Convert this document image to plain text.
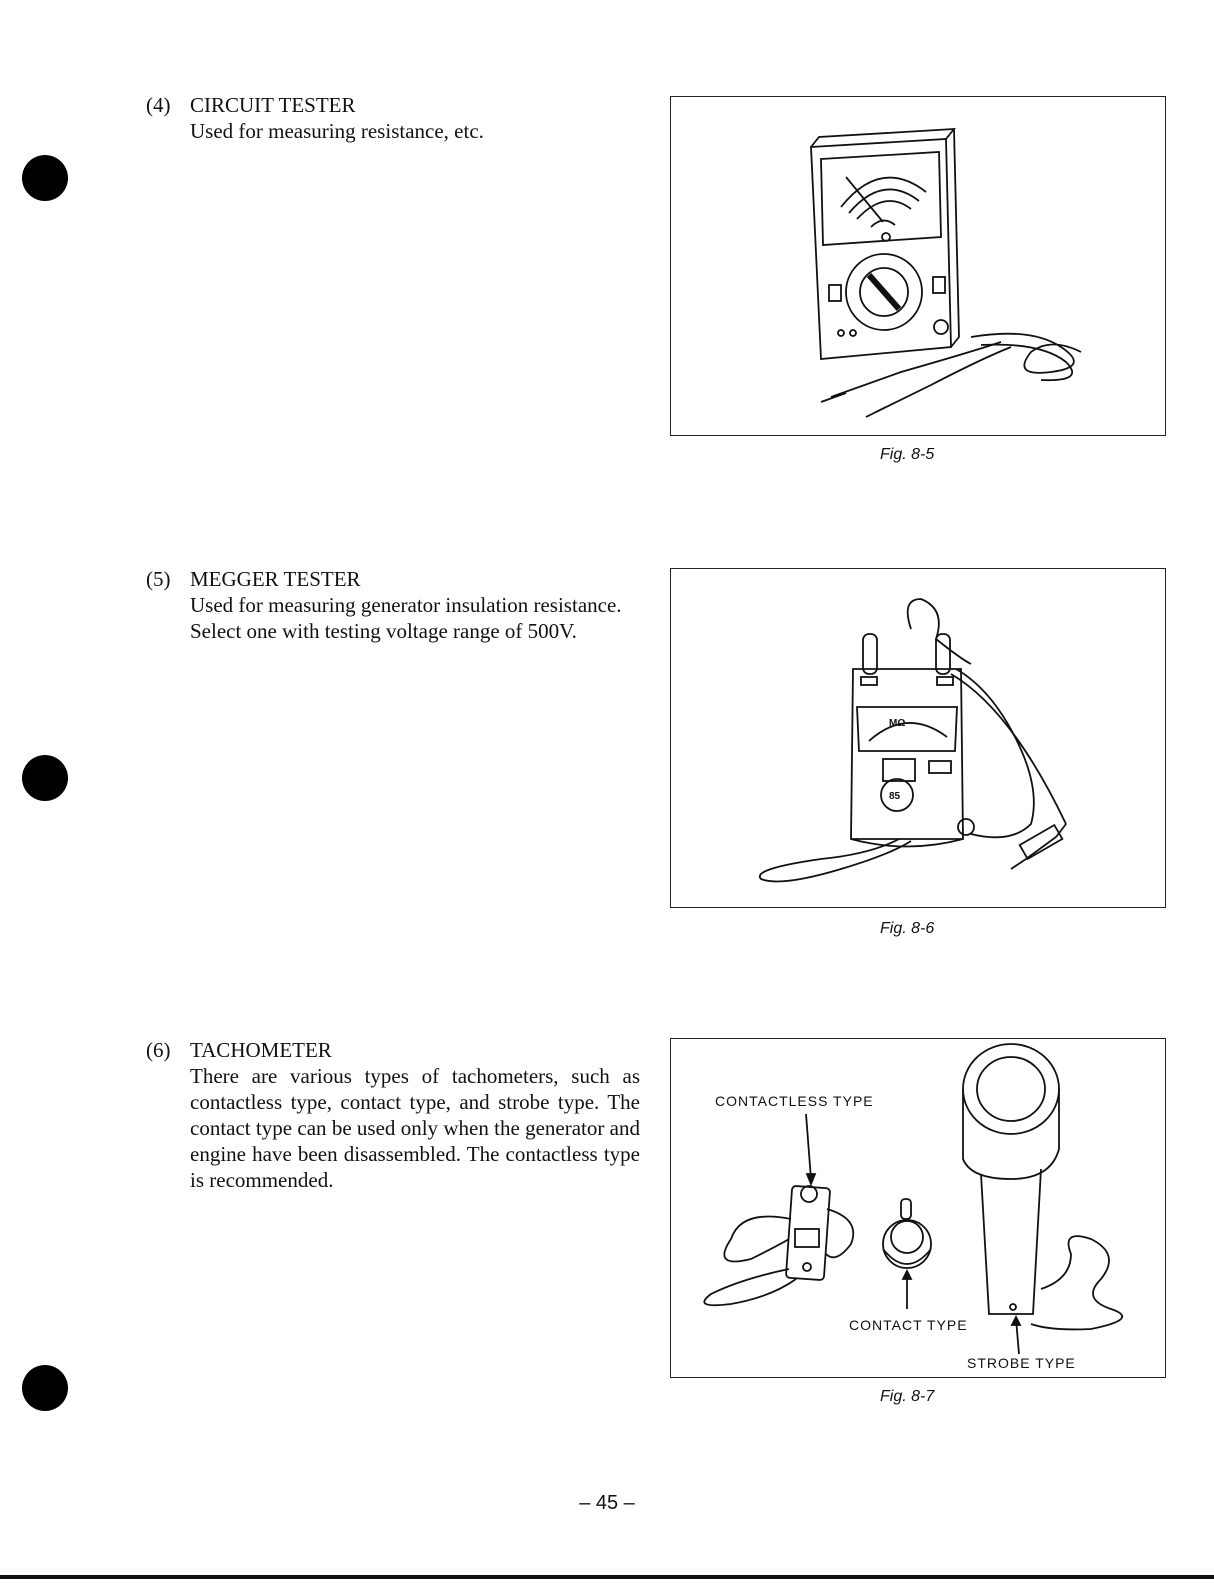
(4) CIRCUIT TESTER

Used for measuring resistance, etc.

Fig. 8-5
(5) MEGGER TESTER

Used for measuring generator insulation resistance.

Select one with testing voltage range of 500V.

MΩ
85
Fig. 8-6
(6) TACHOMETER

There are various types of tachometers, such as contactless type, contact type, and strobe type. The contact type can be used only when the generator and engine have been disassembled. The contactless type is recommended.

CONTACTLESS TYPE
CONTACT TYPE
STROBE TYPE
Fig. 8-7
– 45 –
